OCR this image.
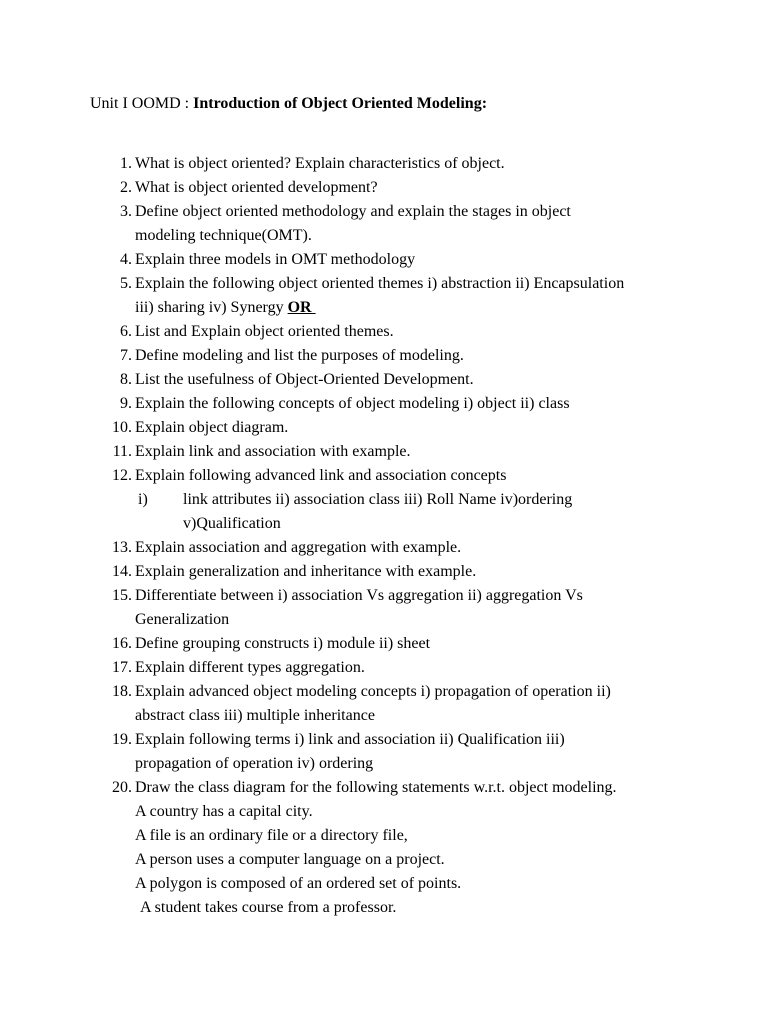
Unit I OOMD : Introduction of Object Oriented Modeling:
1. What is object oriented? Explain characteristics of object.
2. What is object oriented development?
3. Define object oriented methodology and explain the stages in object
modeling technique(OMT).
4. Explain three models in OMT methodology
5. Explain the following object oriented themes i) abstraction ii) Encapsulation
iii) sharing iv) Synergy OR
6. List and Explain object oriented themes.
7. Define modeling and list the purposes of modeling.
8. List the usefulness of Object-Oriented Development.
9. Explain the following concepts of object modeling i) object ii) class
10. Explain object diagram.
11. Explain link and association with example.
12. Explain following advanced link and association concepts
i) link attributes ii) association class iii) Roll Name iv)ordering
v)Qualification
13. Explain association and aggregation with example.
14. Explain generalization and inheritance with example.
15. Differentiate between i) association Vs aggregation ii) aggregation Vs
Generalization
16. Define grouping constructs i) module ii) sheet
17. Explain different types aggregation.
18. Explain advanced object modeling concepts i) propagation of operation ii)
abstract class iii) multiple inheritance
19. Explain following terms i) link and association ii) Qualification iii)
propagation of operation iv) ordering
20. Draw the class diagram for the following statements w.r.t. object modeling.
A country has a capital city.
A file is an ordinary file or a directory file,
A person uses a computer language on a project.
A polygon is composed of an ordered set of points.
A student takes course from a professor.
